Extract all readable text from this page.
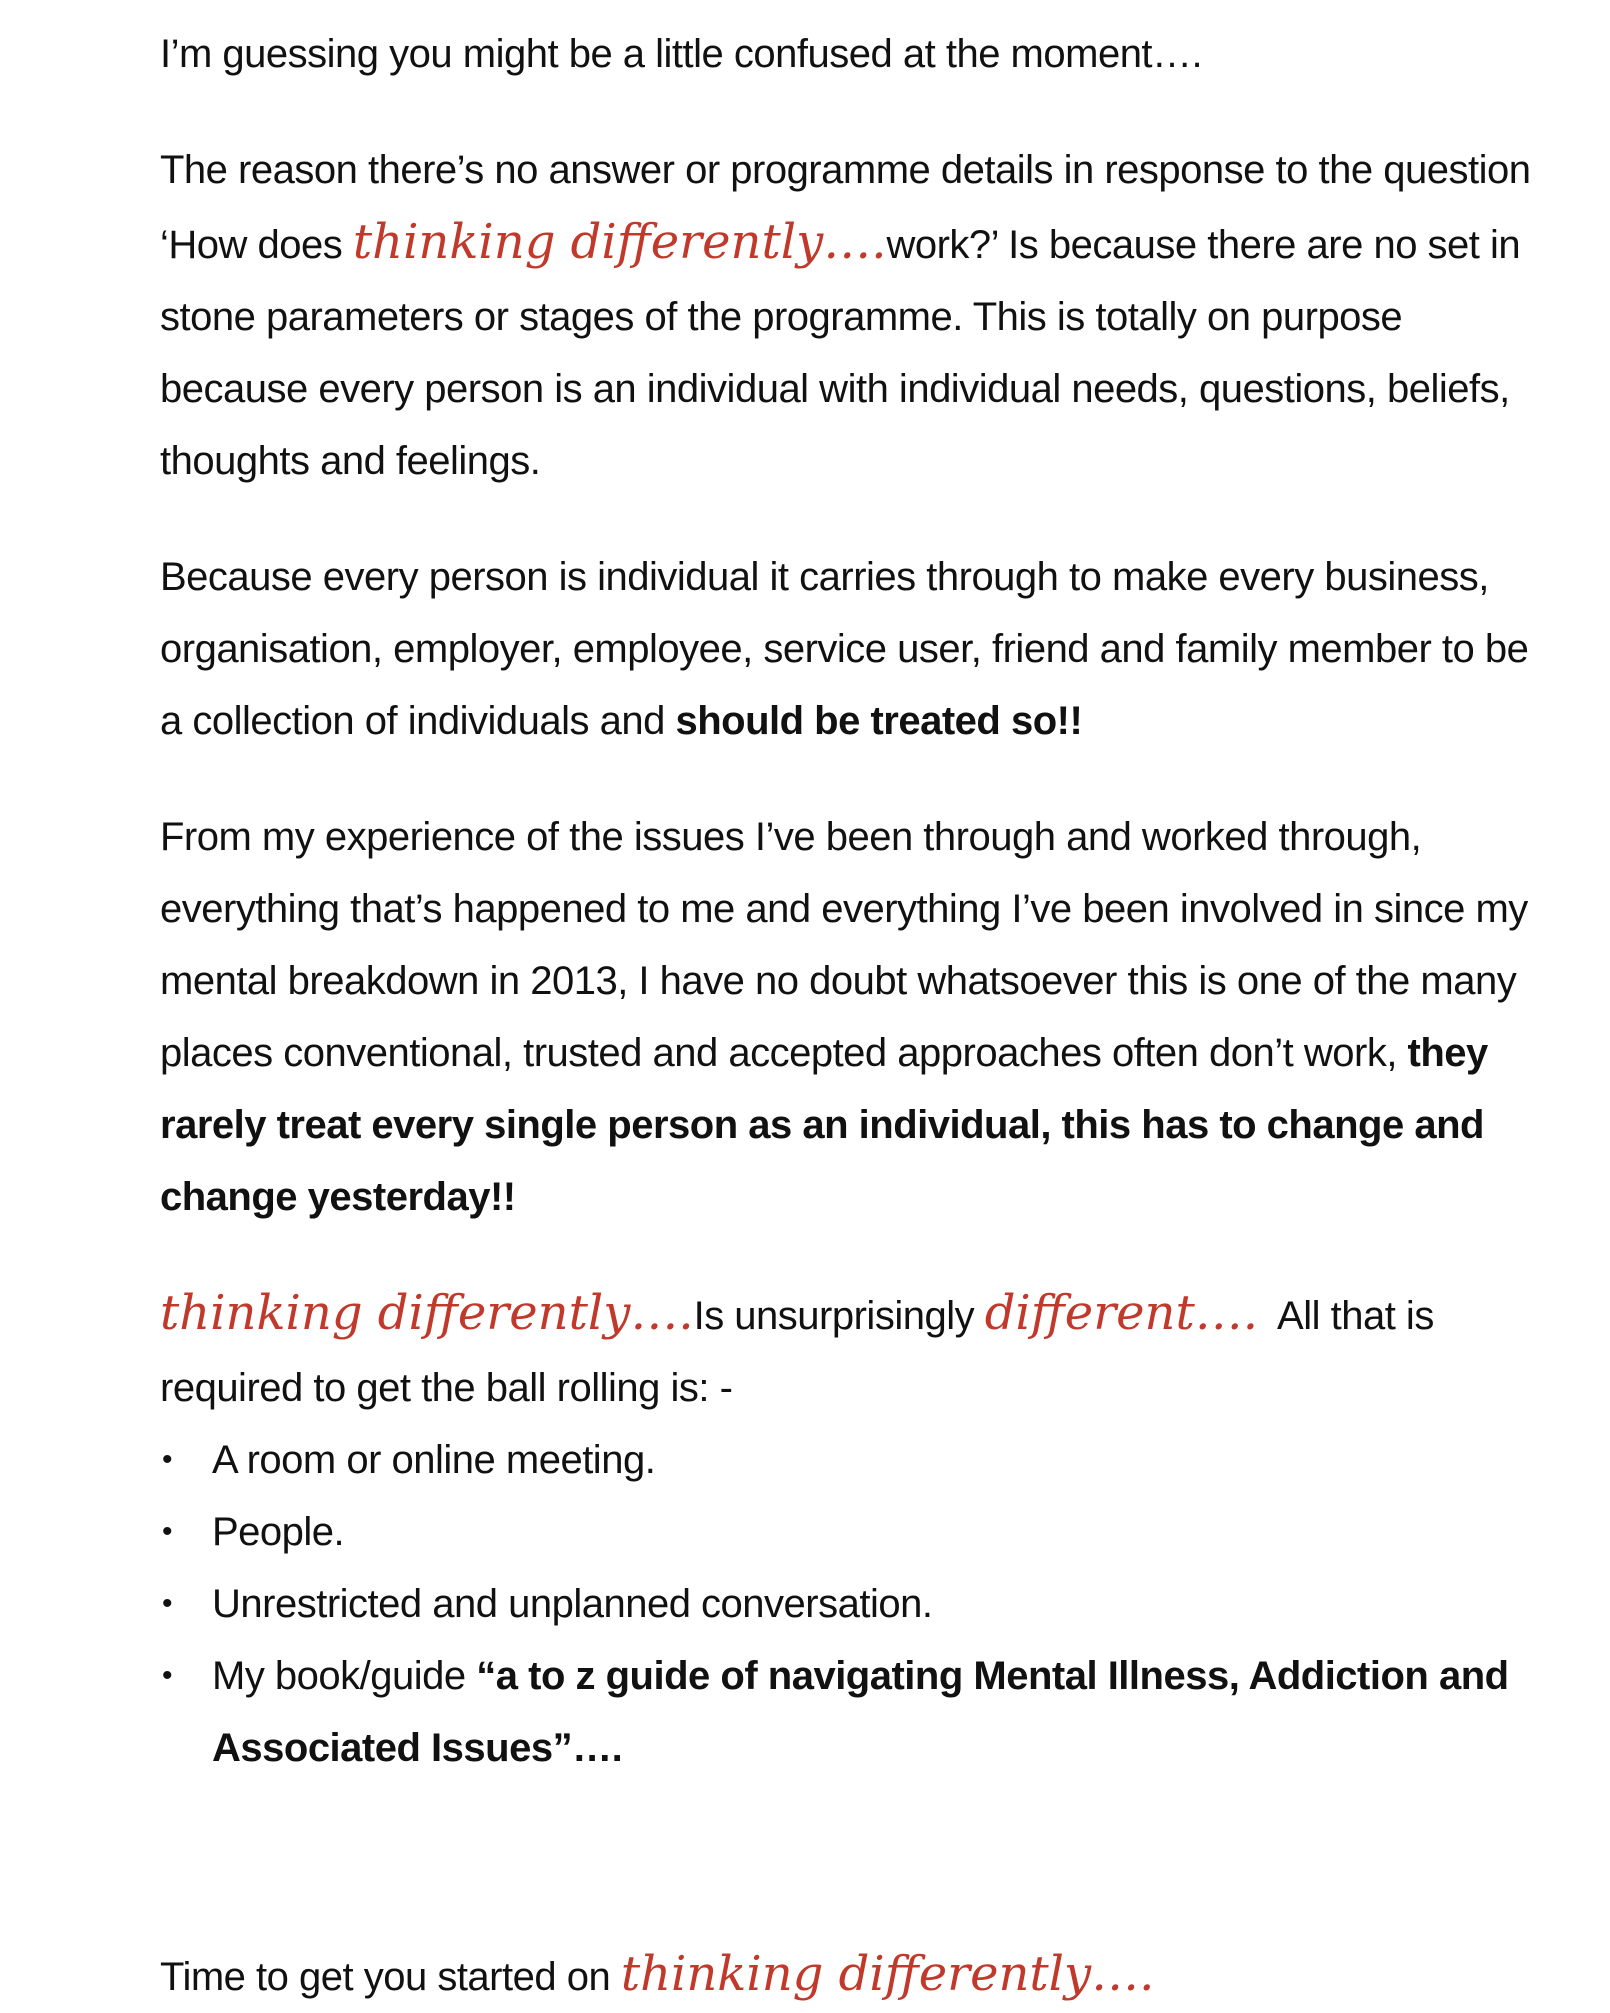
I’m guessing you might be a little confused at the moment….

The reason there’s no answer or programme details in response to the question ‘How does thinking differently….work?’ Is because there are no set in stone parameters or stages of the programme. This is totally on purpose because every person is an individual with individual needs, questions, beliefs, thoughts and feelings.

Because every person is individual it carries through to make every business, organisation, employer, employee, service user, friend and family member to be a collection of individuals and should be treated so!!

From my experience of the issues I’ve been through and worked through, everything that’s happened to me and everything I’ve been involved in since my mental breakdown in 2013, I have no doubt whatsoever this is one of the many places conventional, trusted and accepted approaches often don’t work, they rarely treat every single person as an individual, this has to change and change yesterday!!

thinking differently….Is unsurprisingly different….  All that is required to get the ball rolling is: -

• A room or online meeting.
• People.
• Unrestricted and unplanned conversation.
• My book/guide “a to z guide of navigating Mental Illness, Addiction and Associated Issues”….

Time to get you started on thinking differently….
